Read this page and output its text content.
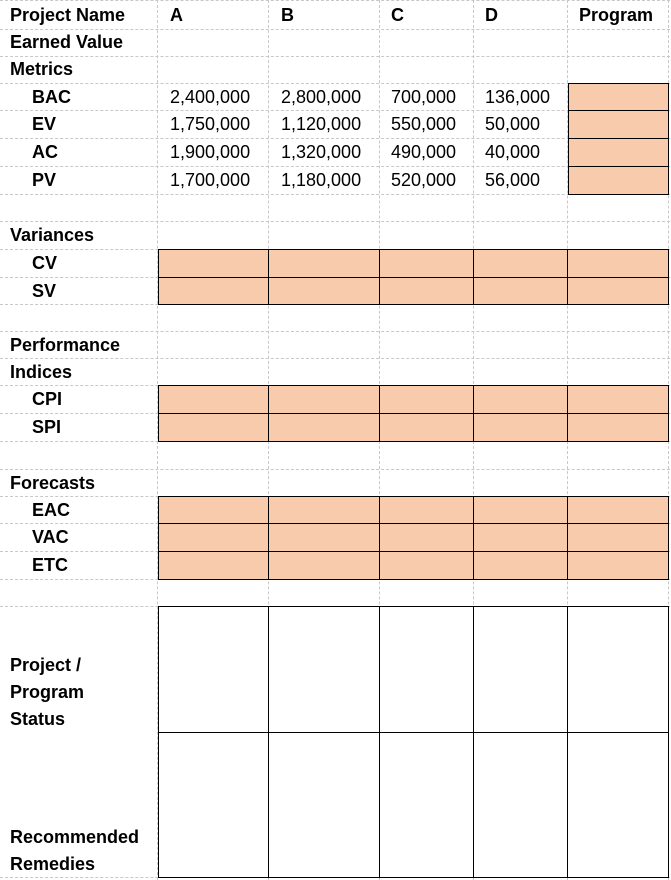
Project Name A	B	C	D	Program
Earned Value
Metrics
BAC	2,400,000 2,800,000 700,000 136,000
EV	1,750,000 1,120,000 550,000 50,000
AC	1,900,000 1,320,000 490,000 40,000
PV	1,700,000 1,180,000 520,000 56,000
Variances
CV
SV
Performance
Indices
CPI
SPI
Forecasts
EAC
VAC
ETC
Project /
Program
Status
Recommended
Remedies
